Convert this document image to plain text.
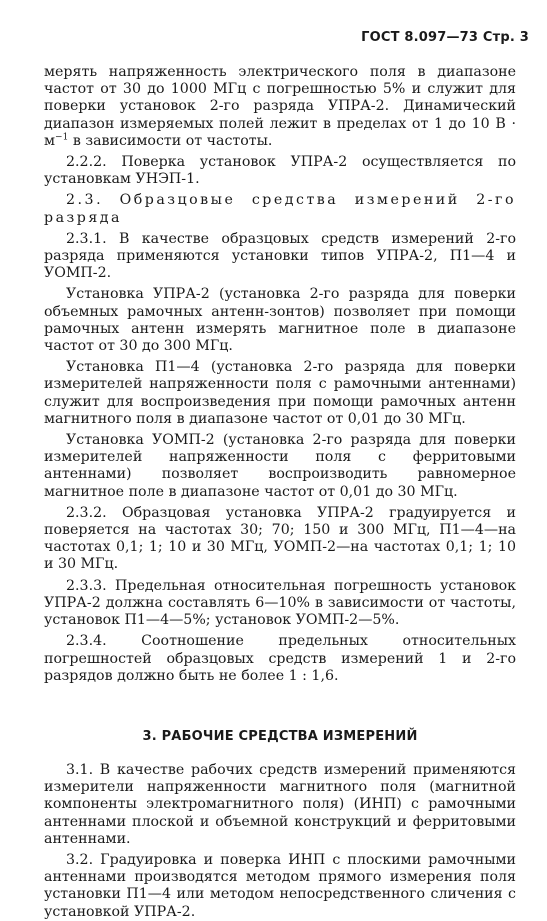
ГОСТ 8.097—73 Стр. 3

мерять напряженность электрического поля в диапазоне частот от 30 до 1000 МГц с погрешностью 5% и служит для поверки установок 2-го разряда УПРА-2. Динамический диапазон измеряемых полей лежит в пределах от 1 до 10 $В \cdot м^{-1}$ в зависимости от частоты.

2.2.2. Поверка установок УПРА-2 осуществляется по установкам УНЭП-1.

2.3. Образцовые средства измерений 2-го разряда

2.3.1. В качестве образцовых средств измерений 2-го разряда применяются установки типов УПРА-2, П1—4 и УОМП-2.

Установка УПРА-2 (установка 2-го разряда для поверки объемных рамочных антенн-зонтов) позволяет при помощи рамочных антенн измерять магнитное поле в диапазоне частот от 30 до 300 МГц.

Установка П1—4 (установка 2-го разряда для поверки измерителей напряженности поля с рамочными антеннами) служит для воспроизведения при помощи рамочных антенн магнитного поля в диапазоне частот от 0,01 до 30 МГц.

Установка УОМП-2 (установка 2-го разряда для поверки измерителей напряженности поля с ферритовыми антеннами) позволяет воспроизводить равномерное магнитное поле в диапазоне частот от 0,01 до 30 МГц.

2.3.2. Образцовая установка УПРА-2 градуируется и поверяется на частотах 30; 70; 150 и 300 МГц, П1—4—на частотах 0,1; 1; 10 и 30 МГц, УОМП-2—на частотах 0,1; 1; 10 и 30 МГц.

2.3.3. Предельная относительная погрешность установок УПРА-2 должна составлять 6—10% в зависимости от частоты, установок П1—4—5%; установок УОМП-2—5%.

2.3.4. Соотношение предельных относительных погрешностей образцовых средств измерений 1 и 2-го разрядов должно быть не более 1 : 1,6.

3. РАБОЧИЕ СРЕДСТВА ИЗМЕРЕНИЙ

3.1. В качестве рабочих средств измерений применяются измерители напряженности магнитного поля (магнитной компоненты электромагнитного поля) (ИНП) с рамочными антеннами плоской и объемной конструкций и ферритовыми антеннами.

3.2. Градуировка и поверка ИНП с плоскими рамочными антеннами производятся методом прямого измерения поля установки П1—4 или методом непосредственного сличения с установкой УПРА-2.
